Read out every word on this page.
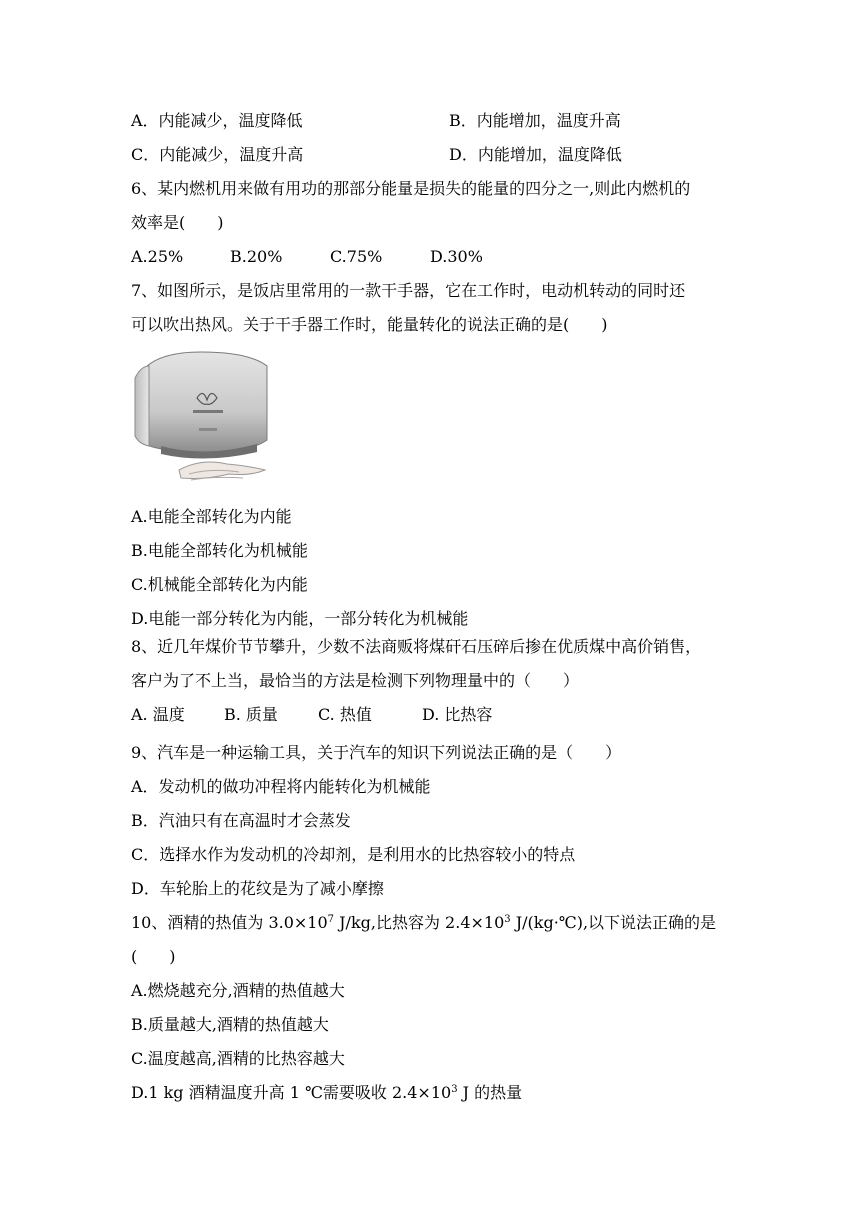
A．内能减少，温度降低	B．内能增加，温度升高
C．内能减少，温度升高	D．内能增加，温度降低
6、某内燃机用来做有用功的那部分能量是损失的能量的四分之一,则此内燃机的
效率是(　　)
A.25%	B.20%	C.75%	D.30%
7、如图所示，是饭店里常用的一款干手器，它在工作时，电动机转动的同时还
可以吹出热风。关于干手器工作时，能量转化的说法正确的是(　　)
A.电能全部转化为内能
B.电能全部转化为机械能
C.机械能全部转化为内能
D.电能一部分转化为内能，一部分转化为机械能
8、近几年煤价节节攀升，少数不法商贩将煤矸石压碎后掺在优质煤中高价销售，
客户为了不上当，最恰当的方法是检测下列物理量中的（　　）
A. 温度 B. 质量	C. 热值	D. 比热容
9、汽车是一种运输工具，关于汽车的知识下列说法正确的是（　　）
A．发动机的做功冲程将内能转化为机械能
B．汽油只有在高温时才会蒸发
C．选择水作为发动机的冷却剂，是利用水的比热容较小的特点
D．车轮胎上的花纹是为了减小摩擦
10、酒精的热值为 $3.0\times 10^7$ J/kg,比热容为 $2.4\times 10^3$ J/(kg·℃),以下说法正确的是
(　　)
A.燃烧越充分,酒精的热值越大
B.质量越大,酒精的热值越大
C.温度越高,酒精的比热容越大
D.1 kg 酒精温度升高 1 ℃需要吸收 $2.4\times 10^3$ J 的热量
